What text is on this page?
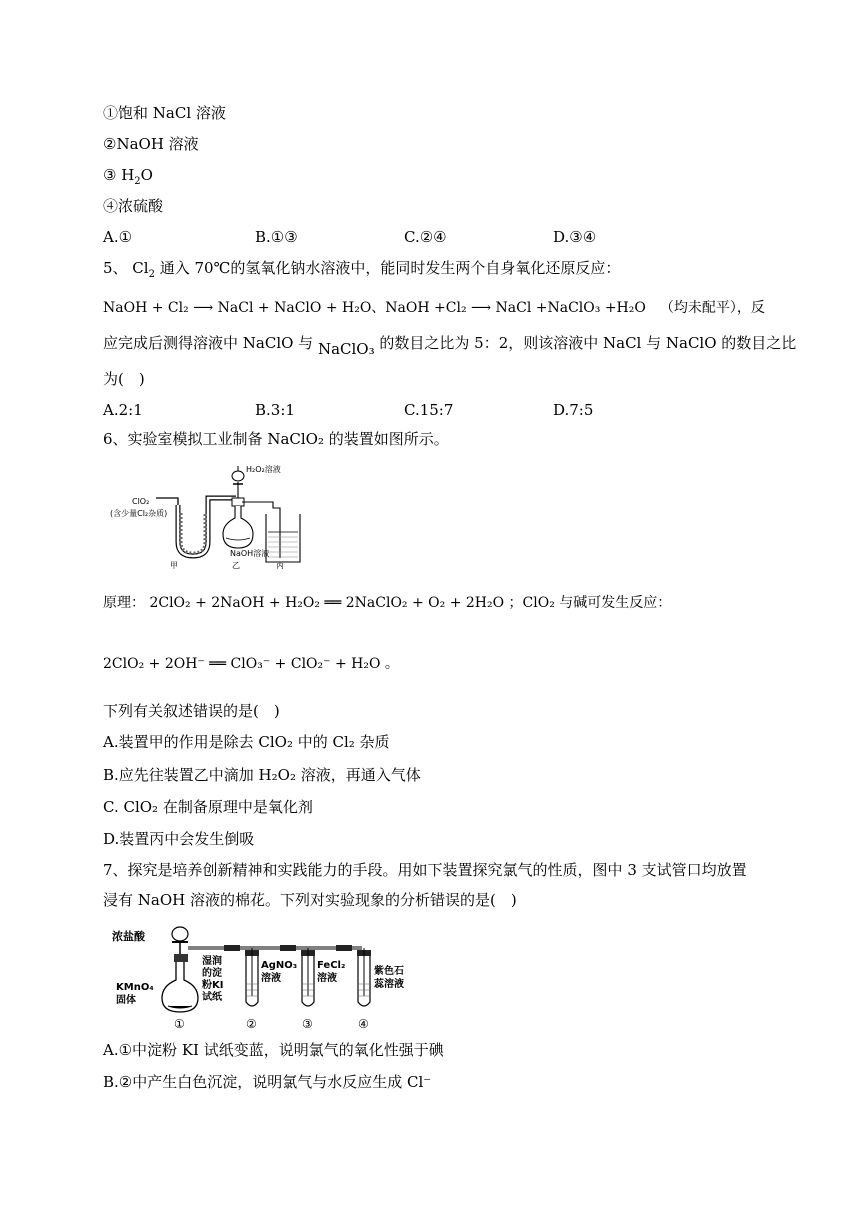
①饱和 NaCl 溶液
②NaOH 溶液
③ $H_2O$
④浓硫酸
A.①	B.①③	C.②④	D.③④
5、 $Cl_2$ 通入 70℃的氢氧化钠水溶液中，能同时发生两个自身氧化还原反应：
NaOH + Cl₂ ⟶ NaCl + NaClO + H₂O、NaOH +Cl₂ ⟶ NaCl +NaClO₃ +H₂O （均未配平），反
应完成后测得溶液中 NaClO 与 NaClO₃ 的数目之比为 5：2，则该溶液中 NaCl 与 NaClO 的数目之比
为(　)
A.2:1	B.3:1	C.15:7	D.7:5
6、实验室模拟工业制备 NaClO₂ 的装置如图所示。
ClO₂
(含少量Cl₂杂质)
H₂O₂溶液
NaOH溶液
甲	乙	丙
原理： 2ClO₂ + 2NaOH + H₂O₂ ══ 2NaClO₂ + O₂ + 2H₂O ；ClO₂ 与碱可发生反应：
2ClO₂ + 2OH⁻ ══ ClO₃⁻ + ClO₂⁻ + H₂O 。
下列有关叙述错误的是(　)
A.装置甲的作用是除去 ClO₂ 中的 Cl₂ 杂质
B.应先往装置乙中滴加 H₂O₂ 溶液，再通入气体
C. ClO₂ 在制备原理中是氧化剂
D.装置丙中会发生倒吸
7、探究是培养创新精神和实践能力的手段。用如下装置探究氯气的性质，图中 3 支试管口均放置
浸有 NaOH 溶液的棉花。下列对实验现象的分析错误的是(　)
浓盐酸
KMnO₄
固体
湿润
的淀
粉KI
试纸
AgNO₃
溶液
FeCl₂
溶液
紫色石
蕊溶液
①	②	③	④
A.①中淀粉 KI 试纸变蓝，说明氯气的氧化性强于碘
B.②中产生白色沉淀，说明氯气与水反应生成 Cl⁻
